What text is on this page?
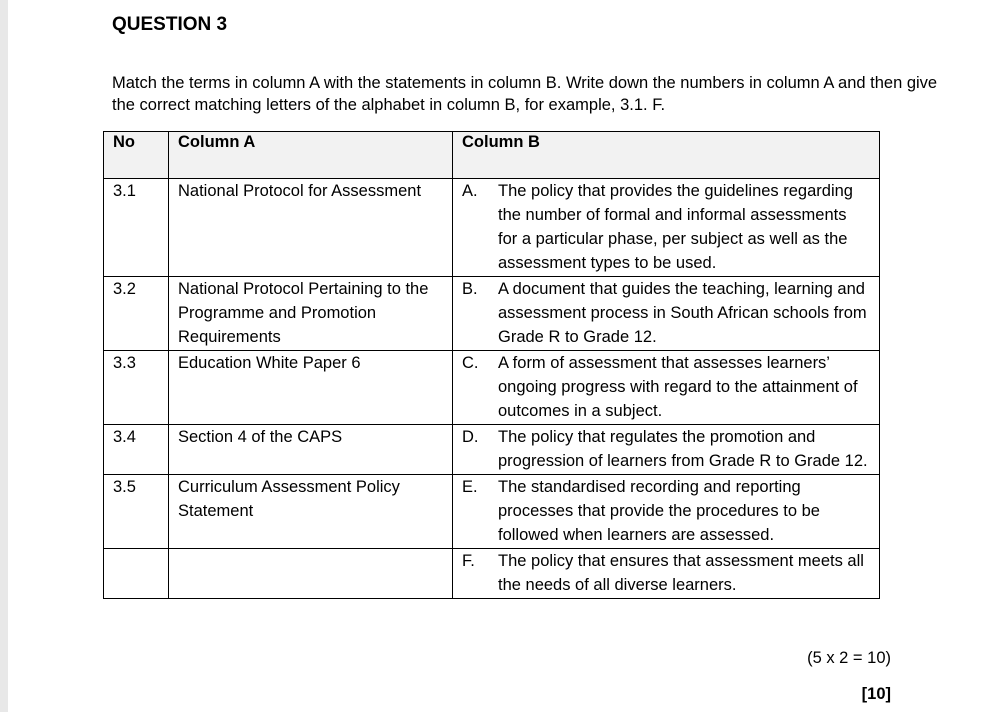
QUESTION 3

Match the terms in column A with the statements in column B. Write down the numbers in column A and then give the correct matching letters of the alphabet in column B, for example, 3.1. F.

No	Column A	Column B
3.1	National Protocol for Assessment	A. The policy that provides the guidelines regarding the number of formal and informal assessments for a particular phase, per subject as well as the assessment types to be used.

3.2	National Protocol Pertaining to the Programme and Promotion Requirements	B. A document that guides the teaching, learning and assessment process in South African schools from Grade R to Grade 12.

3.3	Education White Paper 6	C. A form of assessment that assesses learners’ ongoing progress with regard to the attainment of outcomes in a subject.

3.4	Section 4 of the CAPS	D. The policy that regulates the promotion and progression of learners from Grade R to Grade 12.

3.5	Curriculum Assessment Policy Statement	E. The standardised recording and reporting processes that provide the procedures to be followed when learners are assessed.

		F. The policy that ensures that assessment meets all the needs of all diverse learners.

(5 x 2 = 10)

[10]
